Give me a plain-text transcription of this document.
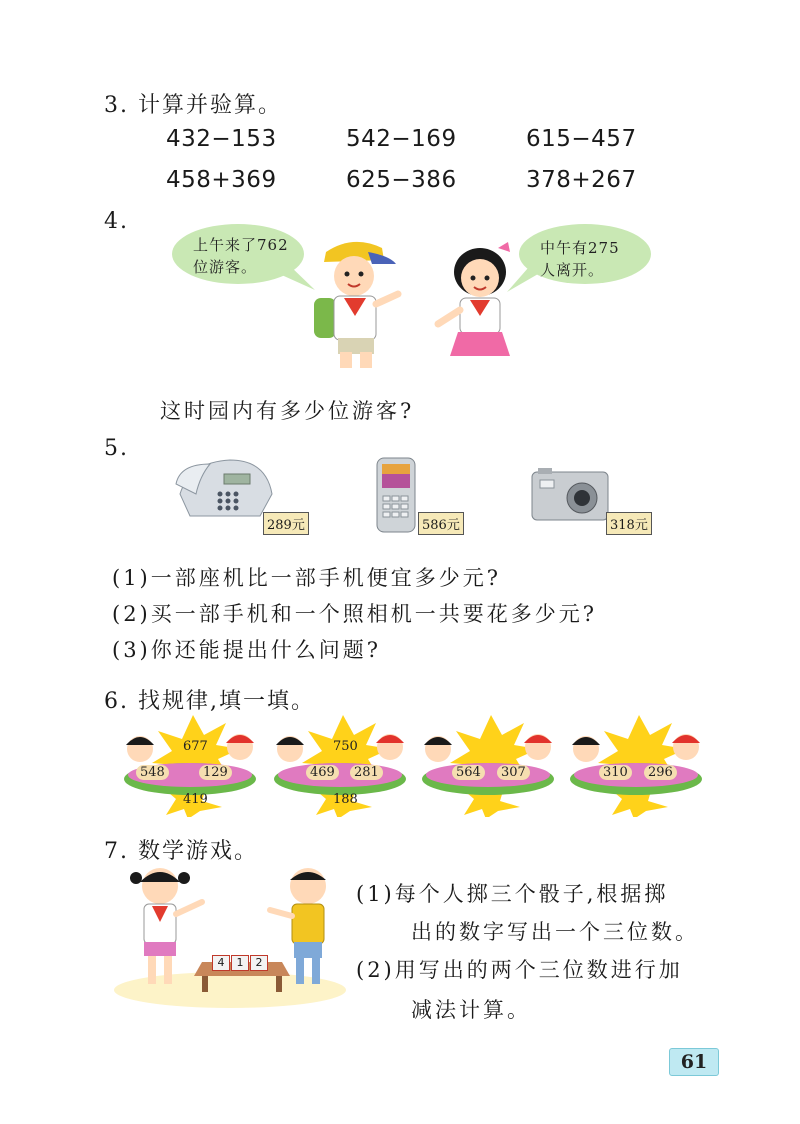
3. 计算并验算。
432−153	542−169	615−457
458+369	625−386	378+267
4.
上午来了762
位游客。
中午有275
人离开。
这时园内有多少位游客?
5.
289元	586元	318元
(1)一部座机比一部手机便宜多少元?
(2)买一部手机和一个照相机一共要花多少元?
(3)你还能提出什么问题?
6. 找规律,填一填。
677
548	129
419
750
469	281
188
564	307	310	296
7. 数学游戏。
4	1	2
(1)每个人掷三个骰子,根据掷
出的数字写出一个三位数。
(2)用写出的两个三位数进行加
减法计算。
61
